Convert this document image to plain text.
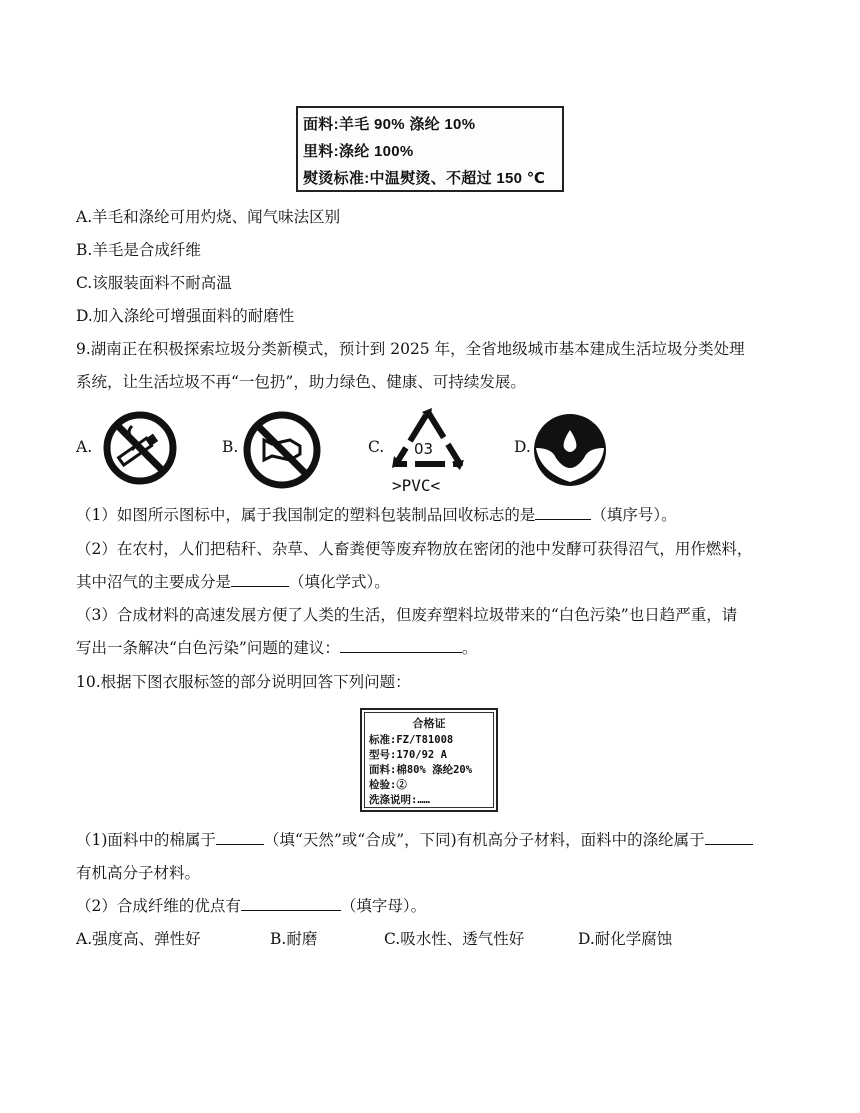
面料:羊毛 90% 涤纶 10%
里料:涤纶 100%
熨烫标准:中温熨烫、不超过 150 ℃
A.羊毛和涤纶可用灼烧、闻气味法区别
B.羊毛是合成纤维
C.该服装面料不耐高温
D.加入涤纶可增强面料的耐磨性
9.湖南正在积极探索垃圾分类新模式，预计到 2025 年，全省地级城市基本建成生活垃圾分类处理
系统，让生活垃圾不再“一包扔”，助力绿色、健康、可持续发展。
A.	B.	C. 03
>PVC<
D.
（1）如图所示图标中，属于我国制定的塑料包装制品回收标志的是	（填序号）。
（2）在农村，人们把秸秆、杂草、人畜粪便等废弃物放在密闭的池中发酵可获得沼气，用作燃料，
其中沼气的主要成分是	（填化学式）。
（3）合成材料的高速发展方便了人类的生活，但废弃塑料垃圾带来的“白色污染”也日趋严重，请
写出一条解决“白色污染”问题的建议：	。
10.根据下图衣服标签的部分说明回答下列问题：
合格证
标准:FZ/T81008
型号:170/92 A
面料:棉80% 涤纶20%
检验:②
洗涤说明:……
（1)面料中的棉属于	（填“天然”或“合成”，下同)有机高分子材料，面料中的涤纶属于
有机高分子材料。
（2）合成纤维的优点有	（填字母）。
A.强度高、弹性好	B.耐磨	C.吸水性、透气性好	D.耐化学腐蚀
